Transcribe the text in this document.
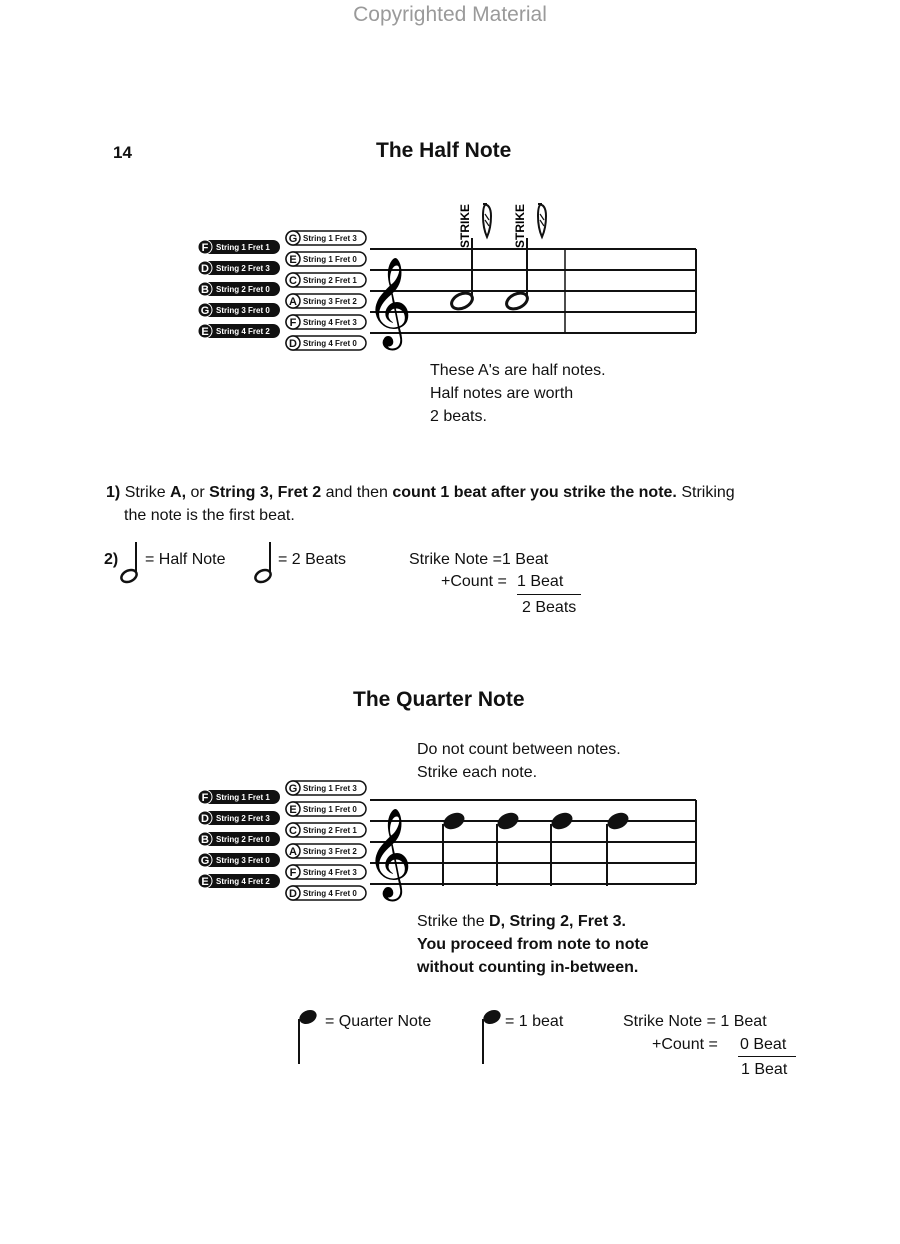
Copyrighted Material
14	The Half Note
F String 1 Fret 1
D String 2 Fret 3
B String 2 Fret 0
G String 3 Fret 0
E String 4 Fret 2
G String 1 Fret 3
E String 1 Fret 0
C String 2 Fret 1
A String 3 Fret 2
F String 4 Fret 3
D String 4 Fret 0 𝄞
STRIKE	STRIKE
These A's are half notes.
Half notes are worth
2 beats.
1) Strike A, or String 3, Fret 2 and then count 1 beat after you strike the note. Striking
the note is the first beat.
2) = Half Note	= 2 Beats	Strike Note =1 Beat
+Count = 1 Beat
2 Beats
The Quarter Note
Do not count between notes.
Strike each note.
F String 1 Fret 1
D String 2 Fret 3
B String 2 Fret 0
G String 3 Fret 0
E String 4 Fret 2
G String 1 Fret 3
E String 1 Fret 0
C String 2 Fret 1
A String 3 Fret 2
F String 4 Fret 3
D String 4 Fret 0 𝄞
Strike the D, String 2, Fret 3.
You proceed from note to note
without counting in-between.
= Quarter Note	= 1 beat	Strike Note = 1 Beat
+Count = 0 Beat
1 Beat
